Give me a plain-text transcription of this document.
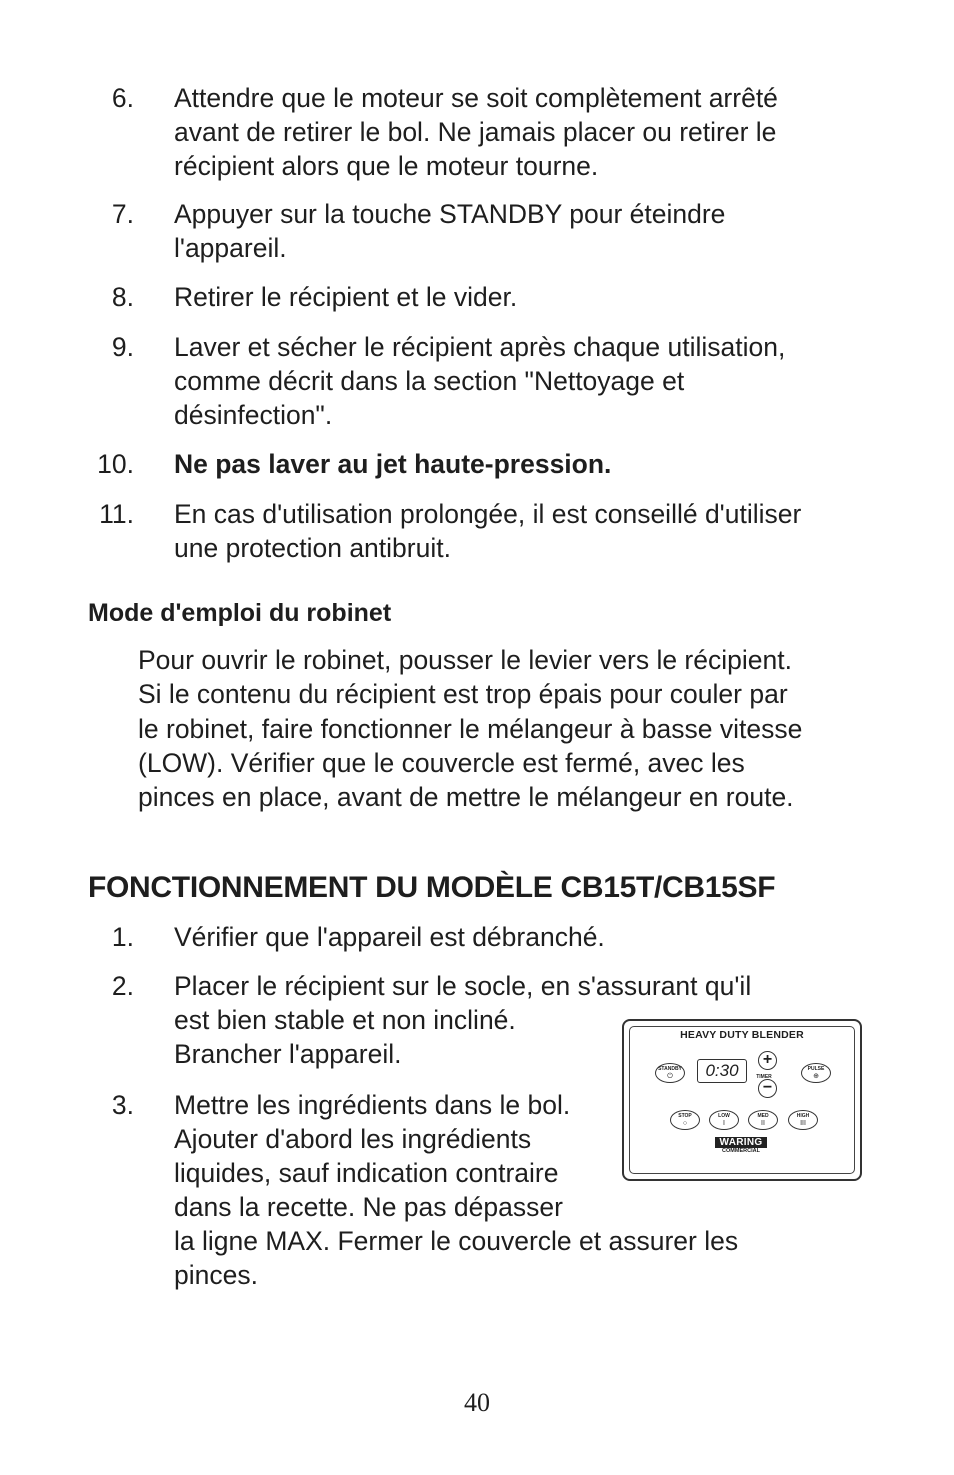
6. Attendre que le moteur se soit complètement arrêté
avant de retirer le bol. Ne jamais placer ou retirer le
récipient alors que le moteur tourne.
7. Appuyer sur la touche STANDBY pour éteindre
l'appareil.
8. Retirer le récipient et le vider.
9. Laver et sécher le récipient après chaque utilisation,
comme décrit dans la section "Nettoyage et
désinfection".
10. Ne pas laver au jet haute-pression.
11. En cas d'utilisation prolongée, il est conseillé d'utiliser
une protection antibruit.
Mode d'emploi du robinet
Pour ouvrir le robinet, pousser le levier vers le récipient.
Si le contenu du récipient est trop épais pour couler par
le robinet, faire fonctionner le mélangeur à basse vitesse
(LOW). Vérifier que le couvercle est fermé, avec les
pinces en place, avant de mettre le mélangeur en route.
FONCTIONNEMENT DU MODÈLE CB15T/CB15SF
1. Vérifier que l'appareil est débranché.
2. Placer le récipient sur le socle, en s'assurant qu'il
est bien stable et non incliné.
Brancher l'appareil.
3. Mettre les ingrédients dans le bol.
Ajouter d'abord les ingrédients
liquides, sauf indication contraire
dans la recette. Ne pas dépasser
la ligne MAX. Fermer le couvercle et assurer les
pinces.
HEAVY DUTY BLENDER
STANDBY
⏻	0:30
+
TIMER
−
PULSE
⊕
STOP
○
LOW
I
MED
II
HIGH
III
WARING
COMMERCIAL
40
